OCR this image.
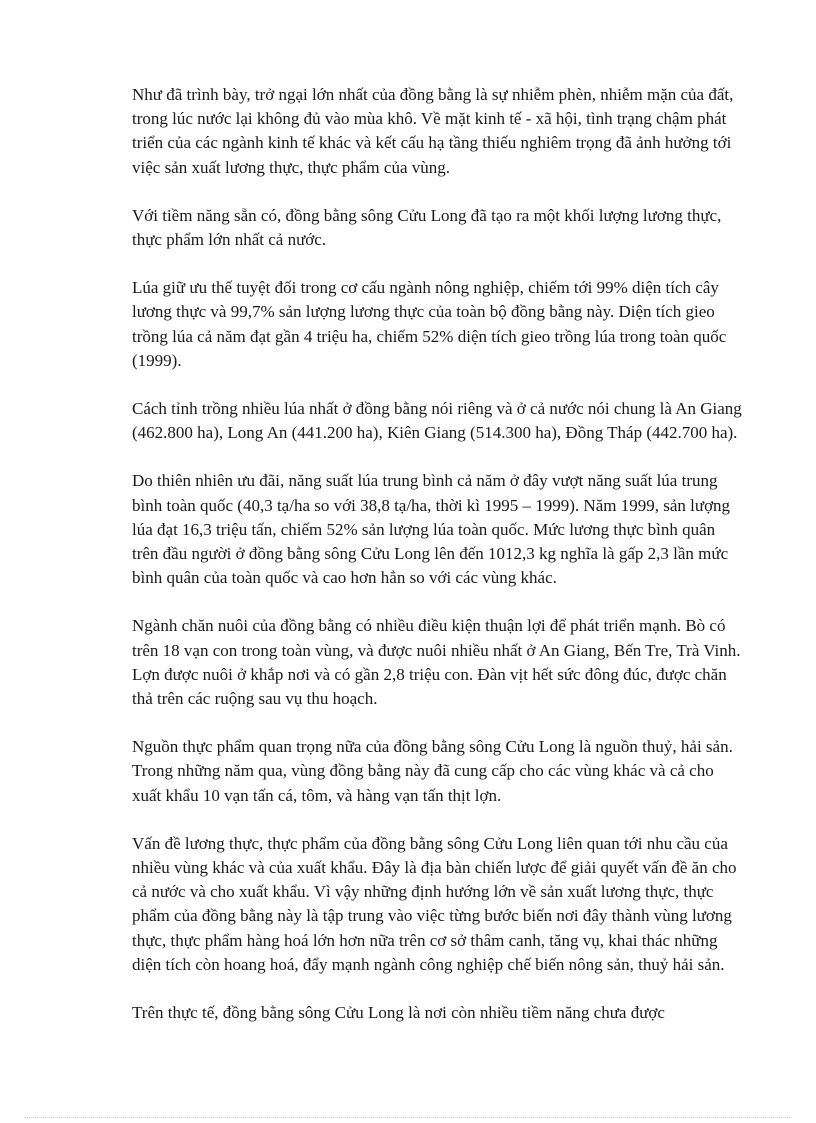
Như đã trình bày, trở ngại lớn nhất của đồng bằng là sự nhiễm phèn, nhiễm mặn của đất, trong lúc nước lại không đủ vào mùa khô. Về mặt kinh tế - xã hội, tình trạng chậm phát triển của các ngành kinh tế khác và kết cấu hạ tầng thiếu nghiêm trọng đã ảnh hưởng tới việc sản xuất lương thực, thực phẩm của vùng.

Với tiềm năng sẵn có, đồng bằng sông Cửu Long đã tạo ra một khối lượng lương thực, thực phẩm lớn nhất cả nước.

Lúa giữ ưu thế tuyệt đối trong cơ cấu ngành nông nghiệp, chiếm tới 99% diện tích cây lương thực và 99,7% sản lượng lương thực của toàn bộ đồng bằng này. Diện tích gieo trồng lúa cả năm đạt gần 4 triệu ha, chiếm 52% diện tích gieo trồng lúa trong toàn quốc (1999).

Cách tỉnh trồng nhiều lúa nhất ở đồng bằng nói riêng và ở cả nước nói chung là An Giang (462.800 ha), Long An (441.200 ha), Kiên Giang (514.300 ha), Đồng Tháp (442.700 ha).

Do thiên nhiên ưu đãi, năng suất lúa trung bình cả năm ở đây vượt năng suất lúa trung bình toàn quốc (40,3 tạ/ha so với 38,8 tạ/ha, thời kì 1995 – 1999). Năm 1999, sản lượng lúa đạt 16,3 triệu tấn, chiếm 52% sản lượng lúa toàn quốc. Mức lương thực bình quân trên đầu người ở đồng bằng sông Cửu Long lên đến 1012,3 kg nghĩa là gấp 2,3 lần mức bình quân của toàn quốc và cao hơn hẳn so với các vùng khác.

Ngành chăn nuôi của đồng bằng có nhiều điều kiện thuận lợi để phát triển mạnh. Bò có trên 18 vạn con trong toàn vùng, và được nuôi nhiều nhất ở An Giang, Bến Tre, Trà Vinh. Lợn được nuôi ở khắp nơi và có gần 2,8 triệu con. Đàn vịt hết sức đông đúc, được chăn thả trên các ruộng sau vụ thu hoạch.

Nguồn thực phẩm quan trọng nữa của đồng bằng sông Cửu Long là nguồn thuỷ, hải sản. Trong những năm qua, vùng đồng bằng này đã cung cấp cho các vùng khác và cả cho xuất khẩu 10 vạn tấn cá, tôm, và hàng vạn tấn thịt lợn.

Vấn đề lương thực, thực phẩm của đồng bằng sông Cửu Long liên quan tới nhu cầu của nhiều vùng khác và của xuất khẩu. Đây là địa bàn chiến lược để giải quyết vấn đề ăn cho cả nước và cho xuất khẩu. Vì vậy những định hướng lớn về sản xuất lương thực, thực phẩm của đồng bằng này là tập trung vào việc từng bước biến nơi đây thành vùng lương thực, thực phẩm hàng hoá lớn hơn nữa trên cơ sở thâm canh, tăng vụ, khai thác những diện tích còn hoang hoá, đẩy mạnh ngành công nghiệp chế biến nông sản, thuỷ hải sản.

Trên thực tế, đồng bằng sông Cửu Long là nơi còn nhiều tiềm năng chưa được
